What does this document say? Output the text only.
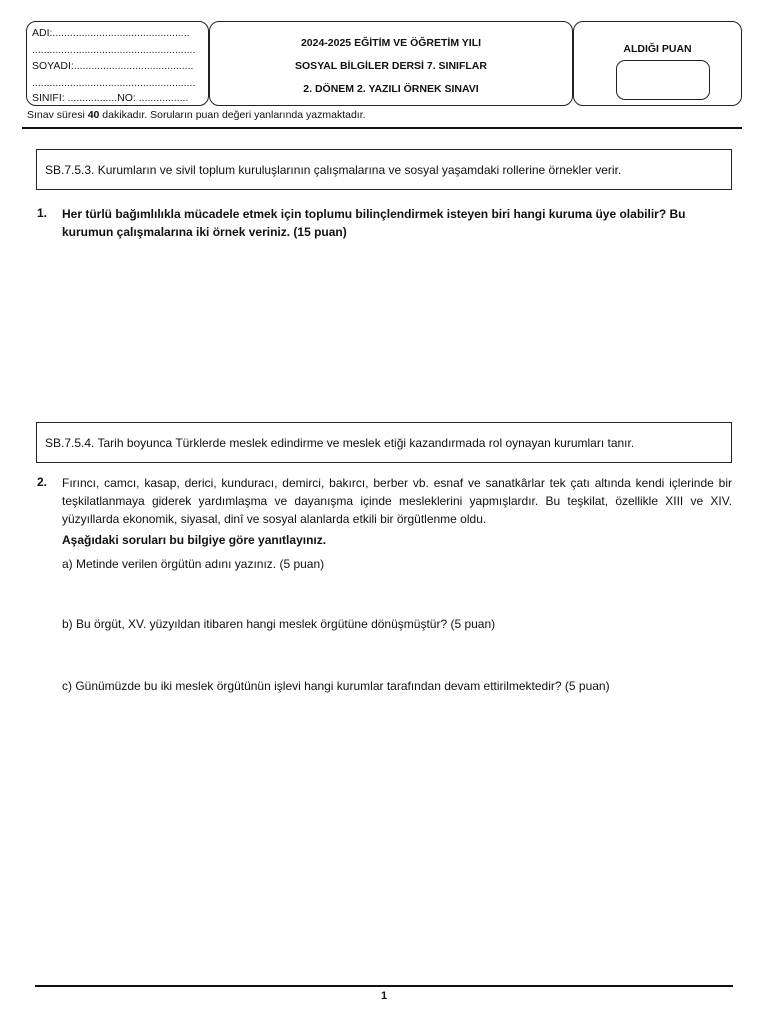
ADI:...............................................
........................................................
SOYADI:.........................................
........................................................
SINIFI: .................NO: .................
2024-2025 EĞİTİM VE ÖĞRETİM YILI
SOSYAL BİLGİLER DERSİ 7. SINIFLAR
2. DÖNEM 2. YAZILI ÖRNEK SINAVI
ALDIĞI PUAN
Sınav süresi 40 dakikadır. Soruların puan değeri yanlarında yazmaktadır.
SB.7.5.3. Kurumların ve sivil toplum kuruluşlarının çalışmalarına ve sosyal yaşamdaki rollerine örnekler verir.
1. Her türlü bağımlılıkla mücadele etmek için toplumu bilinçlendirmek isteyen biri hangi kuruma üye olabilir? Bu kurumun çalışmalarına iki örnek veriniz. (15 puan)
SB.7.5.4. Tarih boyunca Türklerde meslek edindirme ve meslek etiği kazandırmada rol oynayan kurumları tanır.
2. Fırıncı, camcı, kasap, derici, kunduracı, demirci, bakırcı, berber vb. esnaf ve sanatkârlar tek çatı altında kendi içlerinde bir teşkilatlanmaya giderek yardımlaşma ve dayanışma içinde mesleklerini yapmışlardır. Bu teşkilat, özellikle XIII ve XIV. yüzyıllarda ekonomik, siyasal, dinî ve sosyal alanlarda etkili bir örgütlenme oldu.
Aşağıdaki soruları bu bilgiye göre yanıtlayınız.
a) Metinde verilen örgütün adını yazınız. (5 puan)
b) Bu örgüt, XV. yüzyıldan itibaren hangi meslek örgütüne dönüşmüştür? (5 puan)
c) Günümüzde bu iki meslek örgütünün işlevi hangi kurumlar tarafından devam ettirilmektedir? (5 puan)
1
